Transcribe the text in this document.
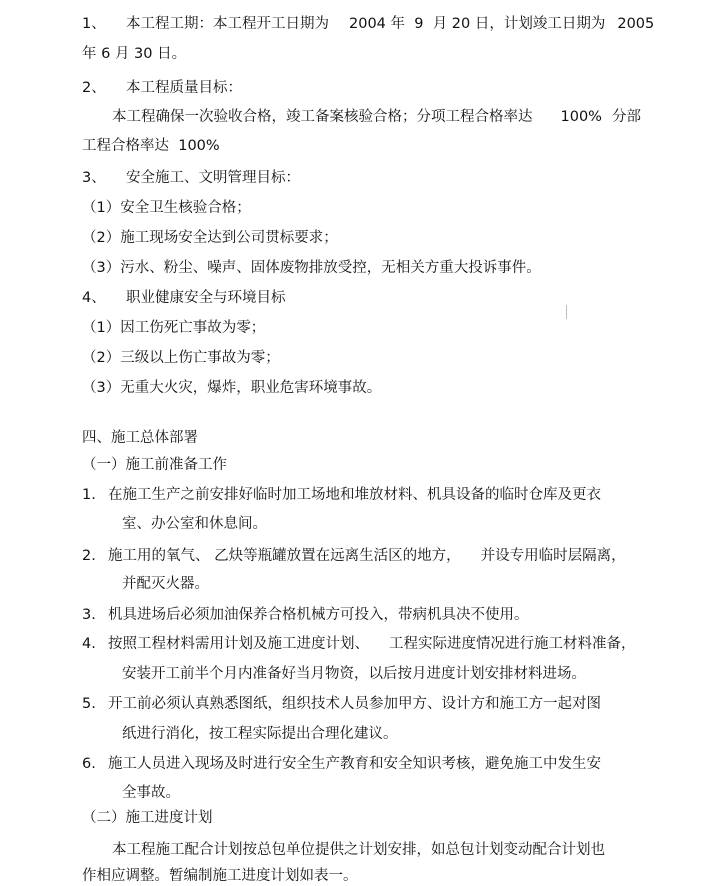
1、 本工程工期：本工程开工日期为 2004 年 9 月 20 日，计划竣工日期为 2005
年 6 月 30 日。
2、 本工程质量目标：
本工程确保一次验收合格，竣工备案核验合格；分项工程合格率达 100% 分部
工程合格率达 100%
3、 安全施工、文明管理目标：
（1）安全卫生核验合格；
（2）施工现场安全达到公司贯标要求；
（3）污水、粉尘、噪声、固体废物排放受控，无相关方重大投诉事件。
4、 职业健康安全与环境目标
（1）因工伤死亡事故为零；
（2）三级以上伤亡事故为零；
（3）无重大火灾，爆炸，职业危害环境事故。
四、施工总体部署
（一）施工前准备工作
1. 在施工生产之前安排好临时加工场地和堆放材料、机具设备的临时仓库及更衣
室、办公室和休息间。
2. 施工用的氧气、 乙炔等瓶罐放置在远离生活区的地方， 并设专用临时层隔离，
并配灭火器。
3. 机具进场后必须加油保养合格机械方可投入，带病机具决不使用。
4. 按照工程材料需用计划及施工进度计划、 工程实际进度情况进行施工材料准备，
安装开工前半个月内准备好当月物资，以后按月进度计划安排材料进场。
5. 开工前必须认真熟悉图纸，组织技术人员参加甲方、设计方和施工方一起对图
纸进行消化，按工程实际提出合理化建议。
6. 施工人员进入现场及时进行安全生产教育和安全知识考核，避免施工中发生安
全事故。
（二）施工进度计划
本工程施工配合计划按总包单位提供之计划安排，如总包计划变动配合计划也
作相应调整。暂编制施工进度计划如表一。
